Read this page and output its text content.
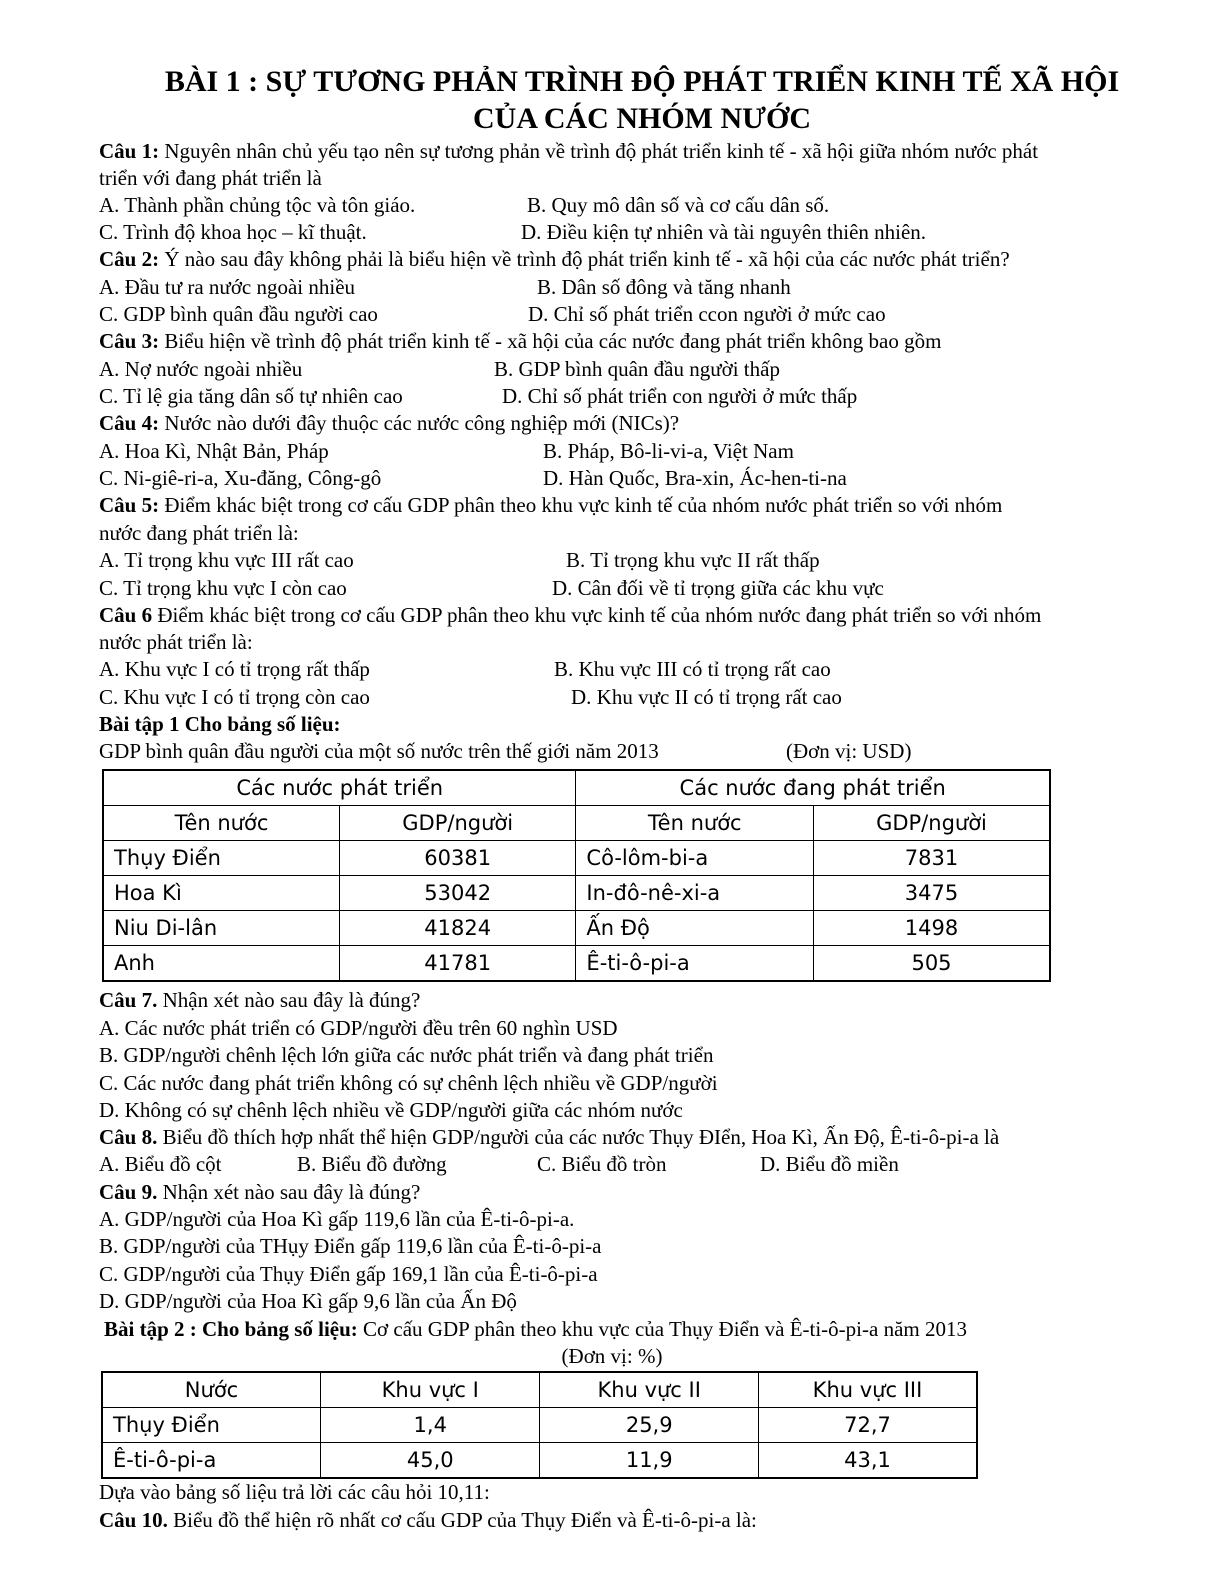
BÀI 1 : SỰ TƯƠNG PHẢN TRÌNH ĐỘ PHÁT TRIỂN KINH TẾ XÃ HỘI
CỦA CÁC NHÓM NƯỚC
Câu 1: Nguyên nhân chủ yếu tạo nên sự tương phản về trình độ phát triển kinh tế - xã hội giữa nhóm nước phát
triển với đang phát triển là
A. Thành phần chủng tộc và tôn giáo.	B. Quy mô dân số và cơ cấu dân số.
C. Trình độ khoa học – kĩ thuật.	D. Điều kiện tự nhiên và tài nguyên thiên nhiên.
Câu 2: Ý nào sau đây không phải là biểu hiện về trình độ phát triển kinh tế - xã hội của các nước phát triển?
A. Đầu tư ra nước ngoài nhiều	B. Dân số đông và tăng nhanh
C. GDP bình quân đầu người cao	D. Chỉ số phát triển ccon người ở mức cao
Câu 3: Biểu hiện về trình độ phát triển kinh tế - xã hội của các nước đang phát triển không bao gồm
A. Nợ nước ngoài nhiều	B. GDP bình quân đầu người thấp
C. Tỉ lệ gia tăng dân số tự nhiên cao	D. Chỉ số phát triển con người ở mức thấp
Câu 4: Nước nào dưới đây thuộc các nước công nghiệp mới (NICs)?
A. Hoa Kì, Nhật Bản, Pháp	B. Pháp, Bô-li-vi-a, Việt Nam
C. Ni-giê-ri-a, Xu-đăng, Công-gô	D. Hàn Quốc, Bra-xin, Ác-hen-ti-na
Câu 5: Điểm khác biệt trong cơ cấu GDP phân theo khu vực kinh tế của nhóm nước phát triển so với nhóm
nước đang phát triển là:
A. Tỉ trọng khu vực III rất cao	B. Tỉ trọng khu vực II rất thấp
C. Tỉ trọng khu vực I còn cao	D. Cân đối về tỉ trọng giữa các khu vực
Câu 6 Điểm khác biệt trong cơ cấu GDP phân theo khu vực kinh tế của nhóm nước đang phát triển so với nhóm
nước phát triển là:
A. Khu vực I có tỉ trọng rất thấp	B. Khu vực III có tỉ trọng rất cao
C. Khu vực I có tỉ trọng còn cao	D. Khu vực II có tỉ trọng rất cao
Bài tập 1 Cho bảng số liệu:
GDP bình quân đầu người của một số nước trên thế giới năm 2013	(Đơn vị: USD)
Các nước phát triển		Các nước đang phát triển	
Tên nước	GDP/người	Tên nước	GDP/người
Thụy Điển	60381	Cô-lôm-bi-a	7831
Hoa Kì	53042	In-đô-nê-xi-a	3475
Niu Di-lân	41824	Ấn Độ	1498
Anh	41781	Ê-ti-ô-pi-a	505
Câu 7. Nhận xét nào sau đây là đúng?
A. Các nước phát triển có GDP/người đều trên 60 nghìn USD
B. GDP/người chênh lệch lớn giữa các nước phát triển và đang phát triển
C. Các nước đang phát triển không có sự chênh lệch nhiều về GDP/người
D. Không có sự chênh lệch nhiều về GDP/người giữa các nhóm nước
Câu 8. Biểu đồ thích hợp nhất thể hiện GDP/người của các nước Thụy ĐIển, Hoa Kì, Ấn Độ, Ê-ti-ô-pi-a là
A. Biểu đồ cột	B. Biểu đồ đường	C. Biểu đồ tròn	D. Biểu đồ miền
Câu 9. Nhận xét nào sau đây là đúng?
A. GDP/người của Hoa Kì gấp 119,6 lần của Ê-ti-ô-pi-a.
B. GDP/người của THụy Điển gấp 119,6 lần của Ê-ti-ô-pi-a
C. GDP/người của Thụy Điển gấp 169,1 lần của Ê-ti-ô-pi-a
D. GDP/người của Hoa Kì gấp 9,6 lần của Ấn Độ
Bài tập 2 : Cho bảng số liệu: Cơ cấu GDP phân theo khu vực của Thụy Điển và Ê-ti-ô-pi-a năm 2013
(Đơn vị: %)
Nước	Khu vực I	Khu vực II	Khu vực III
Thụy Điển	1,4	25,9	72,7
Ê-ti-ô-pi-a	45,0	11,9	43,1
Dựa vào bảng số liệu trả lời các câu hỏi 10,11:
Câu 10. Biểu đồ thể hiện rõ nhất cơ cấu GDP của Thụy Điển và Ê-ti-ô-pi-a là:
